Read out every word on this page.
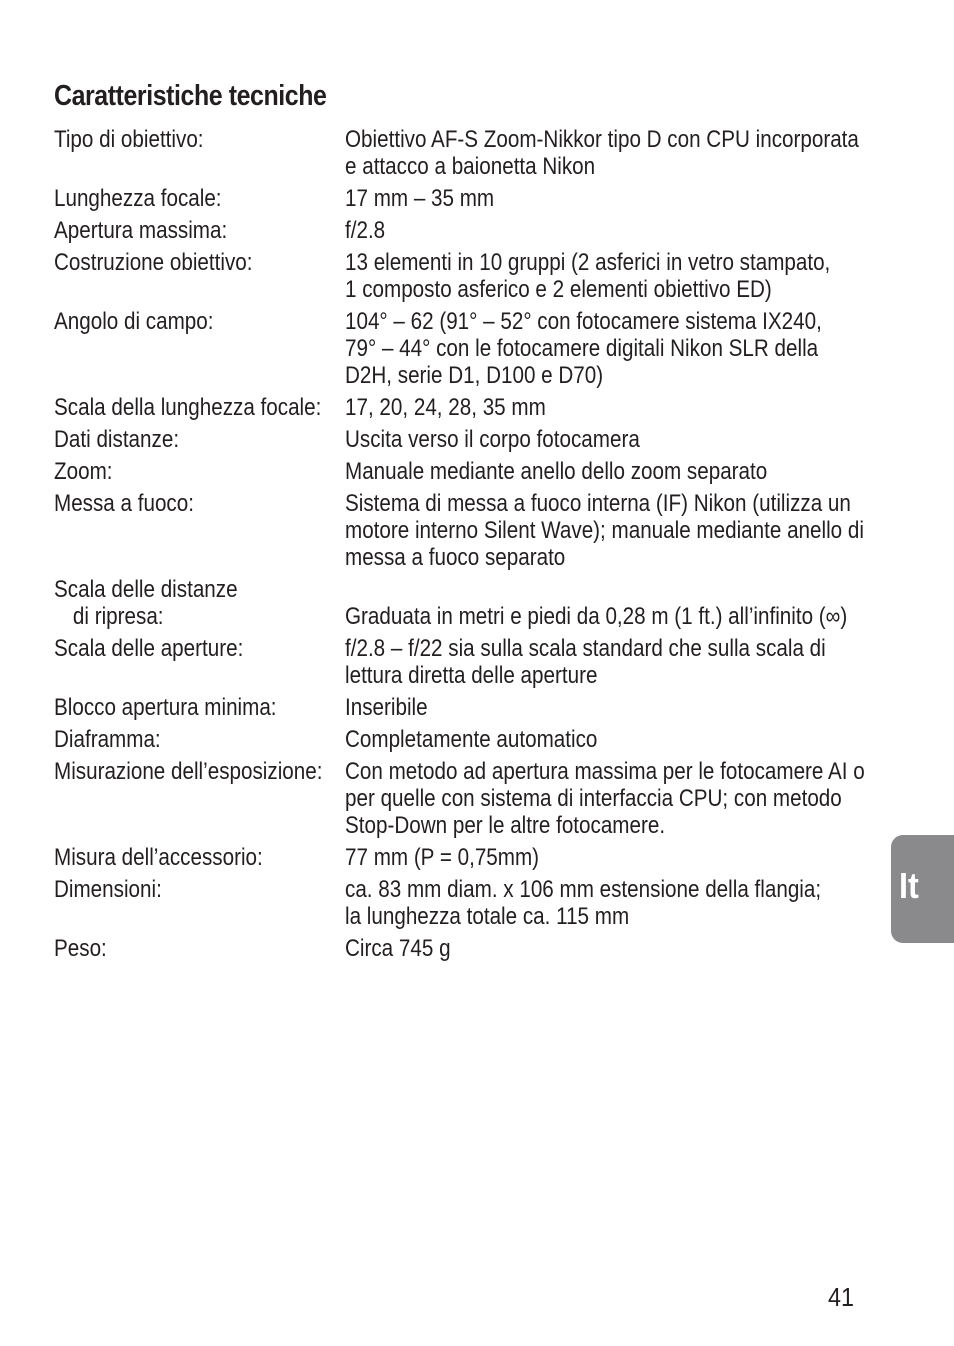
Caratteristiche tecniche
Tipo di obiettivo:	Obiettivo AF-S Zoom-Nikkor tipo D con CPU incorporata
e attacco a baionetta Nikon
Lunghezza focale:	17 mm – 35 mm
Apertura massima:	f/2.8
Costruzione obiettivo:	13 elementi in 10 gruppi (2 asferici in vetro stampato,
1 composto asferico e 2 elementi obiettivo ED)
Angolo di campo:	104° – 62 (91° – 52° con fotocamere sistema IX240,
79° – 44° con le fotocamere digitali Nikon SLR della
D2H, serie D1, D100 e D70)
Scala della lunghezza focale: 17, 20, 24, 28, 35 mm
Dati distanze:	Uscita verso il corpo fotocamera
Zoom:	Manuale mediante anello dello zoom separato
Messa a fuoco:	Sistema di messa a fuoco interna (IF) Nikon (utilizza un
motore interno Silent Wave); manuale mediante anello di
messa a fuoco separato
Scala delle distanze
di ripresa:	Graduata in metri e piedi da 0,28 m (1 ft.) all’infinito (∞)
Scala delle aperture:	f/2.8 – f/22 sia sulla scala standard che sulla scala di
lettura diretta delle aperture
Blocco apertura minima:	Inseribile
Diaframma:	Completamente automatico
Misurazione dell’esposizione: Con metodo ad apertura massima per le fotocamere AI o
per quelle con sistema di interfaccia CPU; con metodo
Stop-Down per le altre fotocamere.
Misura dell’accessorio:	77 mm (P = 0,75mm)
Dimensioni:	ca. 83 mm diam. x 106 mm estensione della flangia;
la lunghezza totale ca. 115 mm
Peso:	Circa 745 g
It
41
